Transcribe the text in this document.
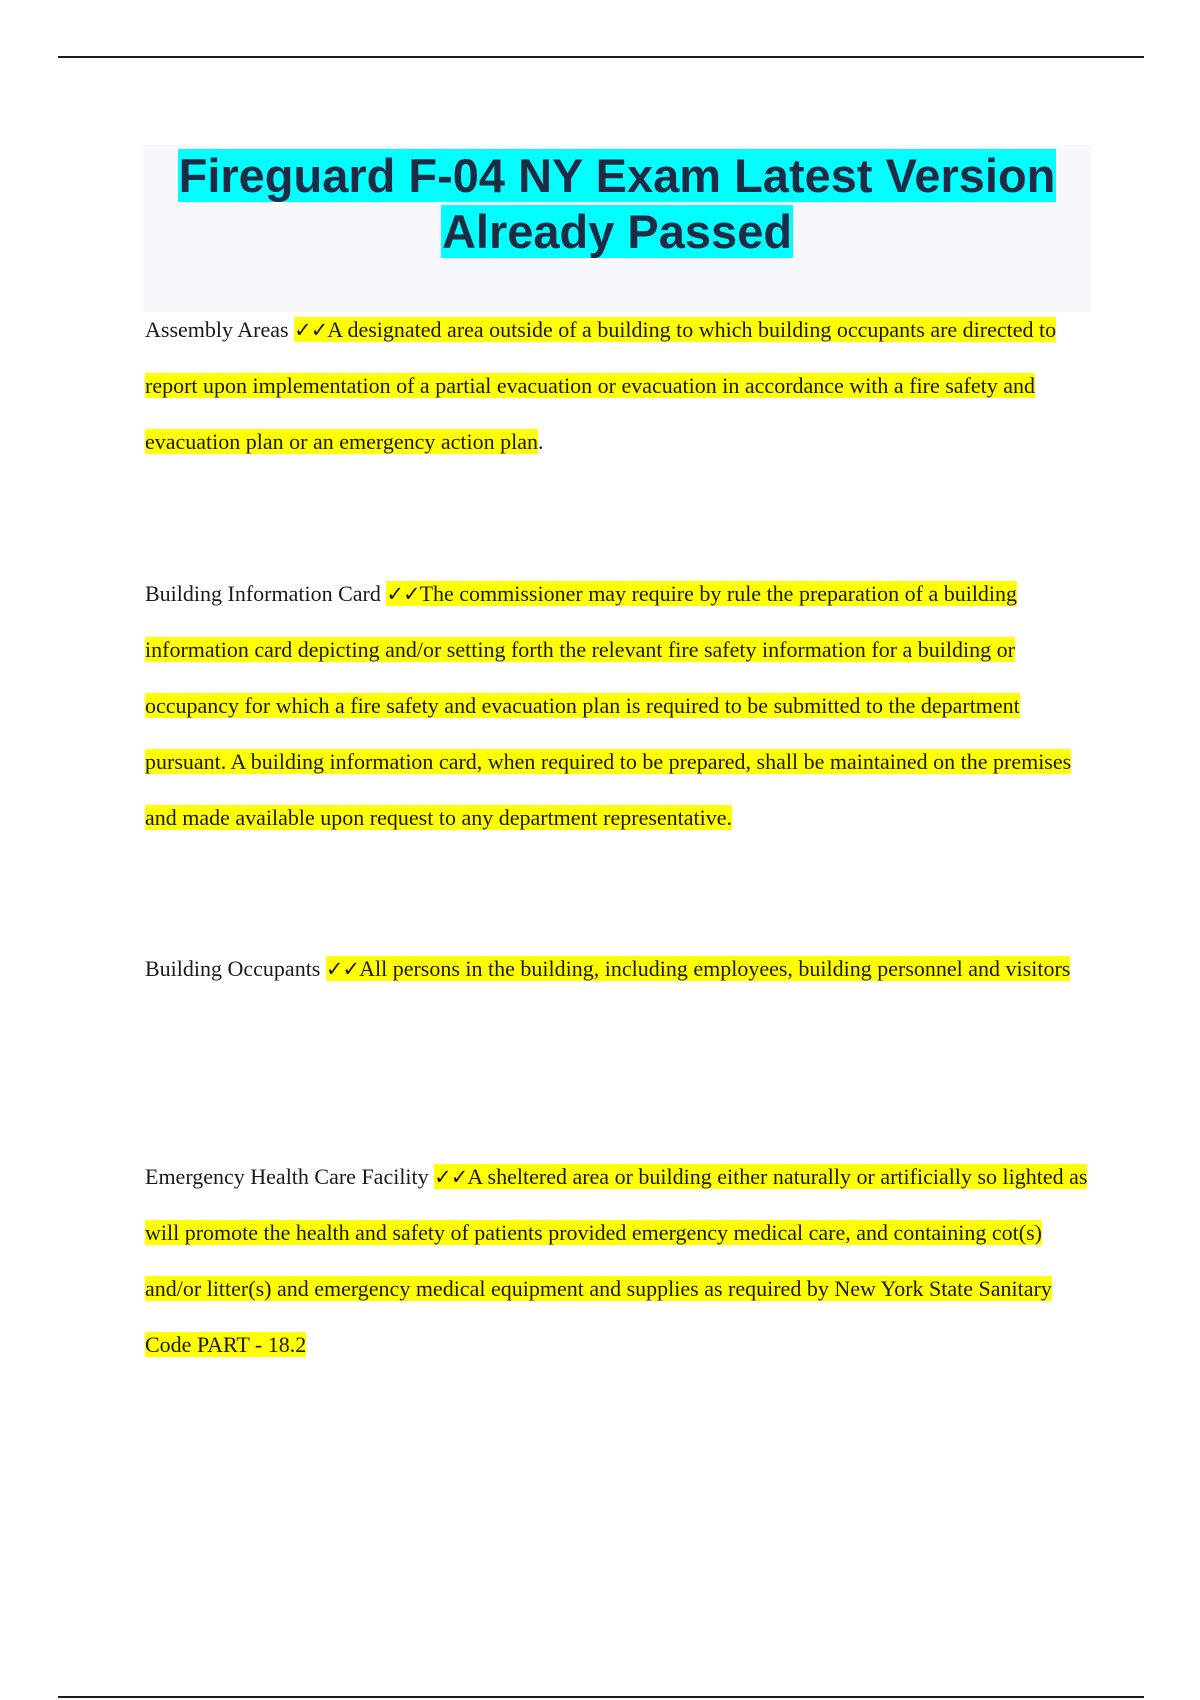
Fireguard F-04 NY Exam Latest Version
Already Passed

Assembly Areas ✓✓A designated area outside of a building to which building occupants are directed to report upon implementation of a partial evacuation or evacuation in accordance with a fire safety and evacuation plan or an emergency action plan.

Building Information Card ✓✓The commissioner may require by rule the preparation of a building information card depicting and/or setting forth the relevant fire safety information for a building or occupancy for which a fire safety and evacuation plan is required to be submitted to the department pursuant. A building information card, when required to be prepared, shall be maintained on the premises and made available upon request to any department representative.

Building Occupants ✓✓All persons in the building, including employees, building personnel and visitors

Emergency Health Care Facility ✓✓A sheltered area or building either naturally or artificially so lighted as will promote the health and safety of patients provided emergency medical care, and containing cot(s) and/or litter(s) and emergency medical equipment and supplies as required by New York State Sanitary Code PART - 18.2
